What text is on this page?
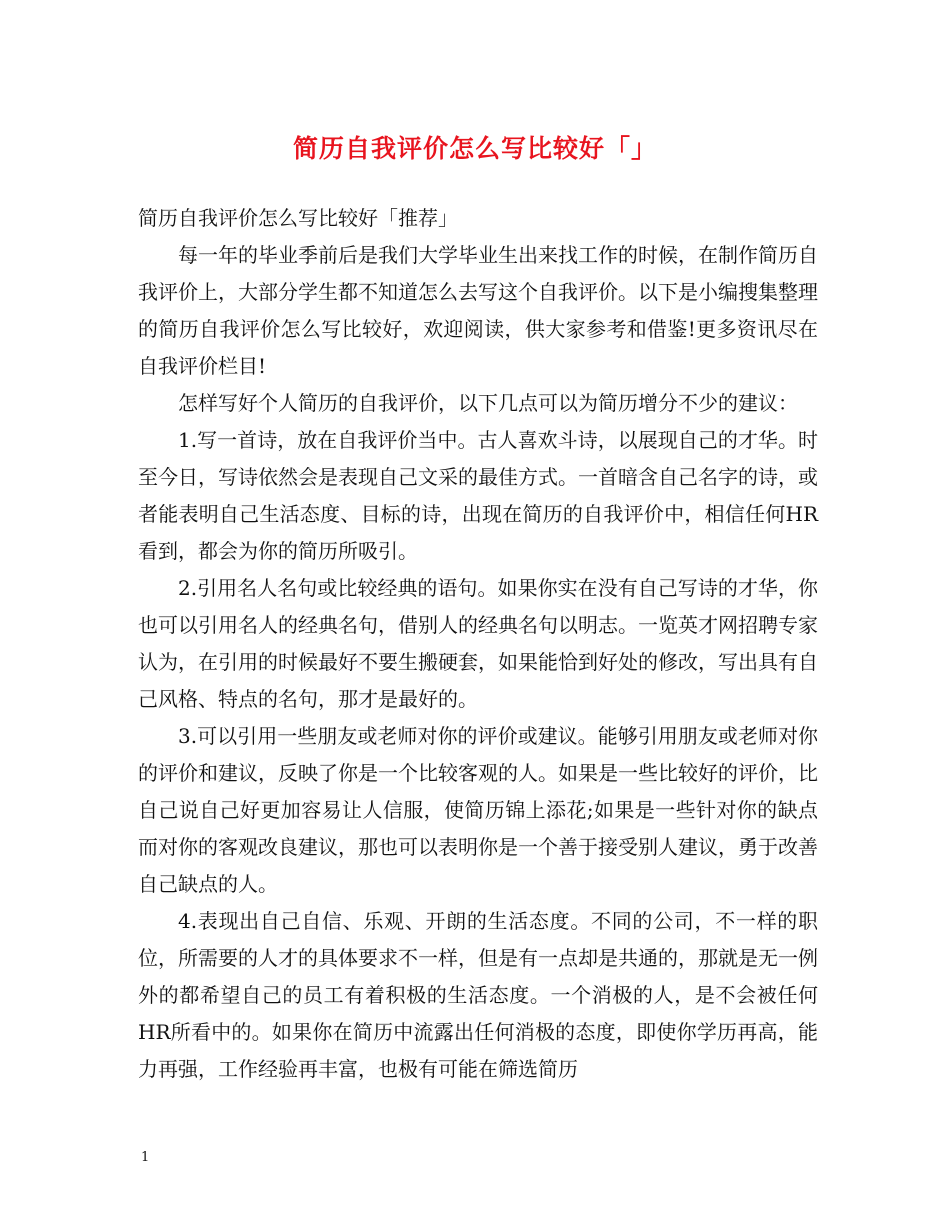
简历自我评价怎么写比较好「」

简历自我评价怎么写比较好「推荐」

每一年的毕业季前后是我们大学毕业生出来找工作的时候，在制作简历自我评价上，大部分学生都不知道怎么去写这个自我评价。以下是小编搜集整理的简历自我评价怎么写比较好，欢迎阅读，供大家参考和借鉴!更多资讯尽在自我评价栏目!

怎样写好个人简历的自我评价，以下几点可以为简历增分不少的建议：

1.写一首诗，放在自我评价当中。古人喜欢斗诗，以展现自己的才华。时至今日，写诗依然会是表现自己文采的最佳方式。一首暗含自己名字的诗，或者能表明自己生活态度、目标的诗，出现在简历的自我评价中，相信任何HR看到，都会为你的简历所吸引。

2.引用名人名句或比较经典的语句。如果你实在没有自己写诗的才华，你也可以引用名人的经典名句，借别人的经典名句以明志。一览英才网招聘专家认为，在引用的时候最好不要生搬硬套，如果能恰到好处的修改，写出具有自己风格、特点的名句，那才是最好的。

3.可以引用一些朋友或老师对你的评价或建议。能够引用朋友或老师对你的评价和建议，反映了你是一个比较客观的人。如果是一些比较好的评价，比自己说自己好更加容易让人信服，使简历锦上添花;如果是一些针对你的缺点而对你的客观改良建议，那也可以表明你是一个善于接受别人建议，勇于改善自己缺点的人。

4.表现出自己自信、乐观、开朗的生活态度。不同的公司，不一样的职位，所需要的人才的具体要求不一样，但是有一点却是共通的，那就是无一例外的都希望自己的员工有着积极的生活态度。一个消极的人，是不会被任何HR所看中的。如果你在简历中流露出任何消极的态度，即使你学历再高，能力再强，工作经验再丰富，也极有可能在筛选简历

1
